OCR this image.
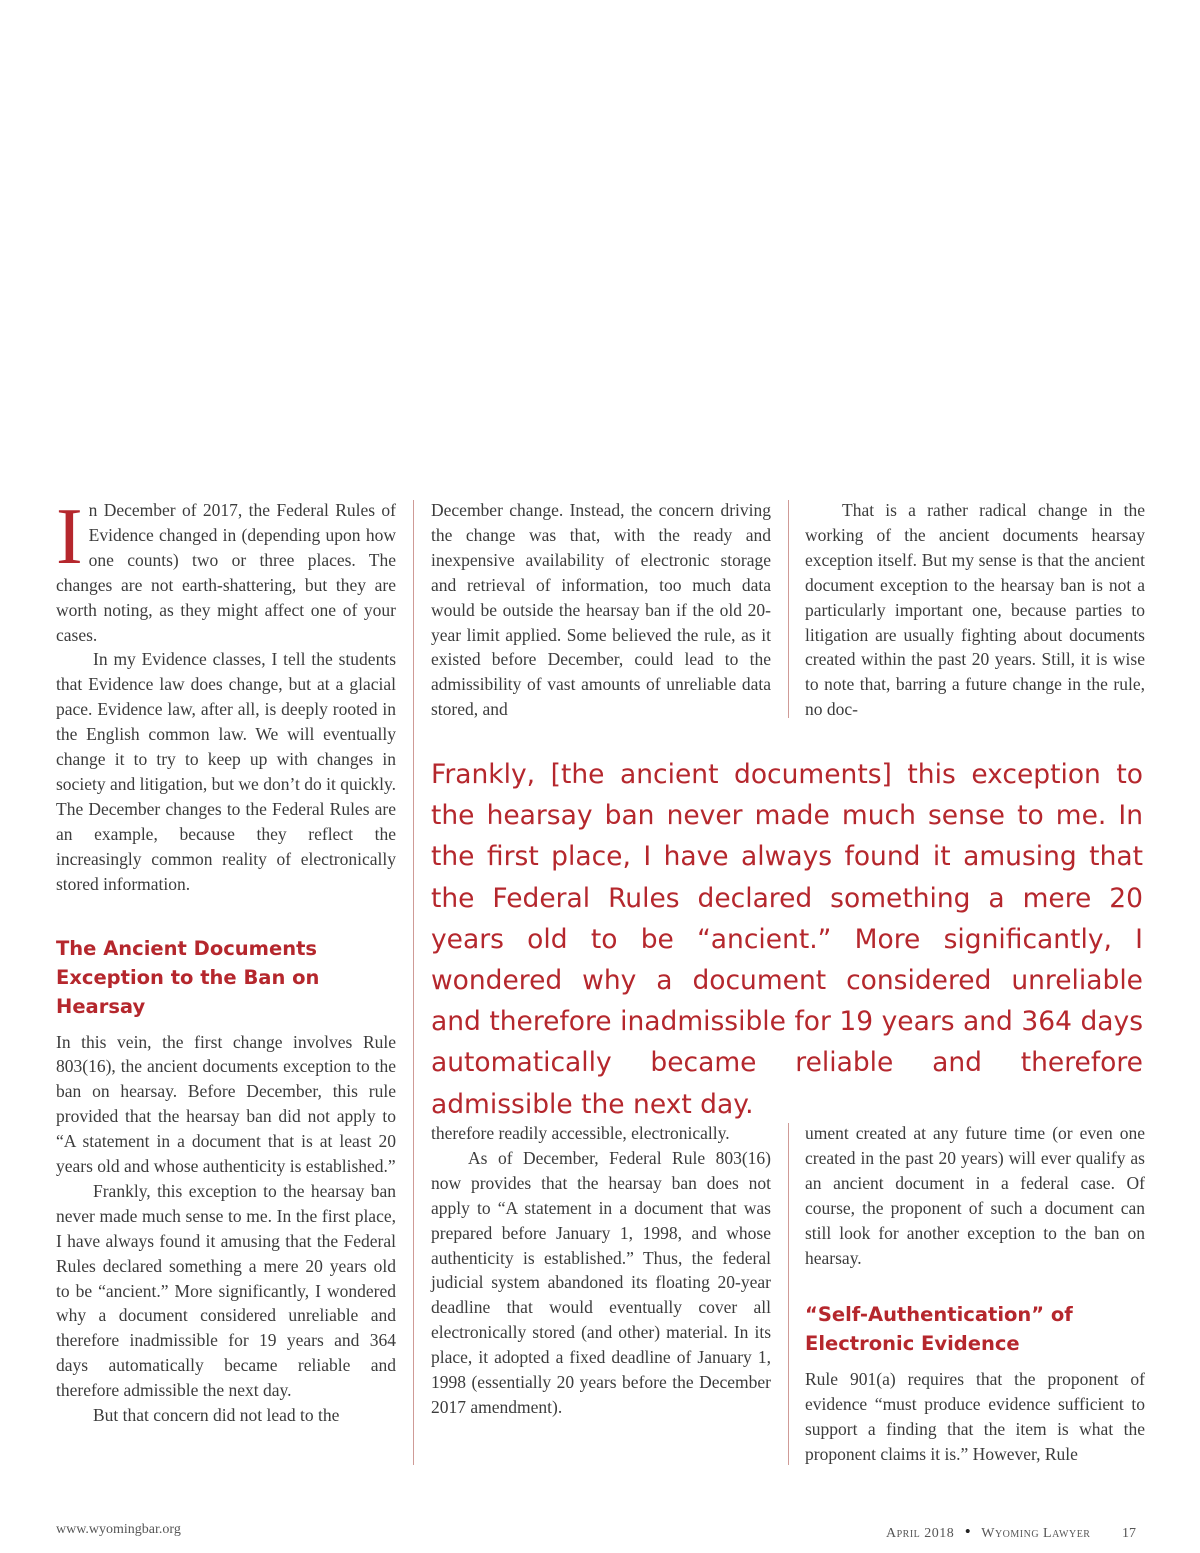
In December of 2017, the Federal Rules of Evidence changed in (depending upon how one counts) two or three places. The changes are not earth-shattering, but they are worth noting, as they might affect one of your cases.

In my Evidence classes, I tell the students that Evidence law does change, but at a glacial pace. Evidence law, after all, is deeply rooted in the English common law. We will eventually change it to try to keep up with changes in society and litigation, but we don’t do it quickly. The December changes to the Federal Rules are an example, because they reflect the increasingly common reality of electronically stored information.

The Ancient Documents Exception to the Ban on Hearsay

In this vein, the first change involves Rule 803(16), the ancient documents exception to the ban on hearsay. Before December, this rule provided that the hearsay ban did not apply to “A statement in a document that is at least 20 years old and whose authenticity is established.”

Frankly, this exception to the hearsay ban never made much sense to me. In the first place, I have always found it amusing that the Federal Rules declared something a mere 20 years old to be “ancient.” More significantly, I wondered why a document considered unreliable and therefore inadmissible for 19 years and 364 days automatically became reliable and therefore admissible the next day.

But that concern did not lead to the

December change. Instead, the concern driving the change was that, with the ready and inexpensive availability of electronic storage and retrieval of information, too much data would be outside the hearsay ban if the old 20-year limit applied. Some believed the rule, as it existed before December, could lead to the admissibility of vast amounts of unreliable data stored, and

That is a rather radical change in the working of the ancient documents hearsay exception itself. But my sense is that the ancient document exception to the hearsay ban is not a particularly important one, because parties to litigation are usually fighting about documents created within the past 20 years. Still, it is wise to note that, barring a future change in the rule, no doc-

Frankly, [the ancient documents] this exception to the hearsay ban never made much sense to me. In the first place, I have always found it amusing that the Federal Rules declared something a mere 20 years old to be “ancient.” More significantly, I wondered why a document considered unreliable and therefore inadmissible for 19 years and 364 days automatically became reliable and therefore admissible the next day.

therefore readily accessible, electronically.

As of December, Federal Rule 803(16) now provides that the hearsay ban does not apply to “A statement in a document that was prepared before January 1, 1998, and whose authenticity is established.” Thus, the federal judicial system abandoned its floating 20-year deadline that would eventually cover all electronically stored (and other) material. In its place, it adopted a fixed deadline of January 1, 1998 (essentially 20 years before the December 2017 amendment).

ument created at any future time (or even one created in the past 20 years) will ever qualify as an ancient document in a federal case. Of course, the proponent of such a document can still look for another exception to the ban on hearsay.

“Self-Authentication” of Electronic Evidence

Rule 901(a) requires that the proponent of evidence “must produce evidence sufficient to support a finding that the item is what the proponent claims it is.” However, Rule

www.wyomingbar.org	April 2018 • Wyoming Lawyer 17
